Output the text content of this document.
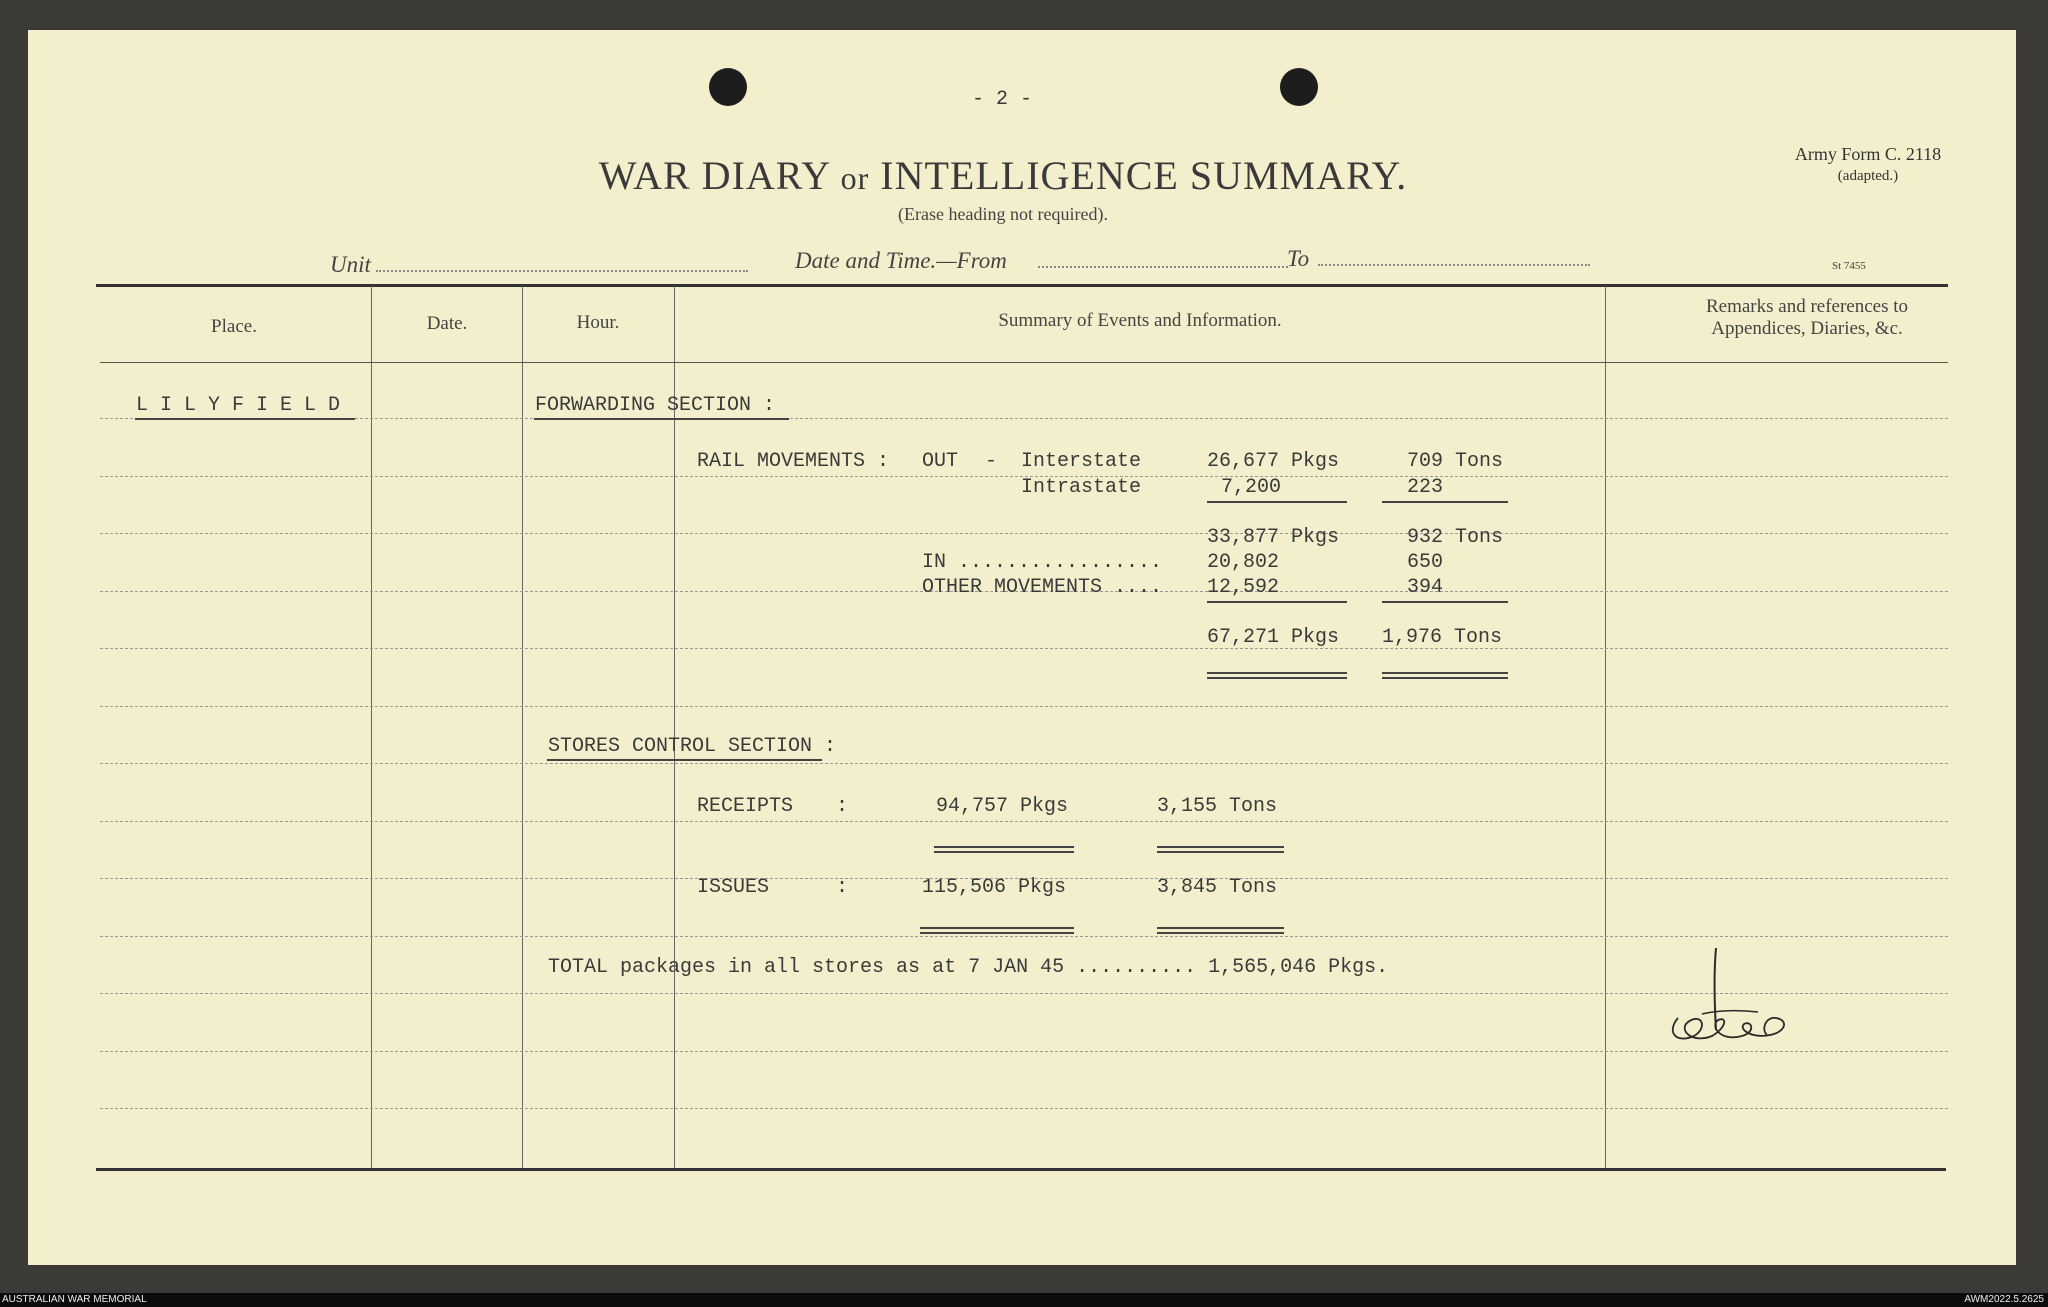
- 2 -
WAR DIARY or INTELLIGENCE SUMMARY.
(Erase heading not required).
Army Form C. 2118
(adapted.)
Unit	Date and Time.—From	To	St 7455
Place.	Date.	Hour.	Summary of Events and Information.
Remarks and references to
Appendices, Diaries, &c.
L I L Y F I E L D	FORWARDING SECTION :
RAIL MOVEMENTS : OUT - Interstate	26,677 Pkgs	709 Tons
Intrastate	7,200	223
33,877 Pkgs	932 Tons
IN ................. 20,802	650
OTHER MOVEMENTS .... 12,592	394
67,271 Pkgs 1,976 Tons
STORES CONTROL SECTION :
RECEIPTS :	94,757 Pkgs	3,155 Tons
ISSUES	:	115,506 Pkgs	3,845 Tons
TOTAL packages in all stores as at 7 JAN 45 .......... 1,565,046 Pkgs.
AUSTRALIAN WAR MEMORIAL	AWM2022.5.2625
